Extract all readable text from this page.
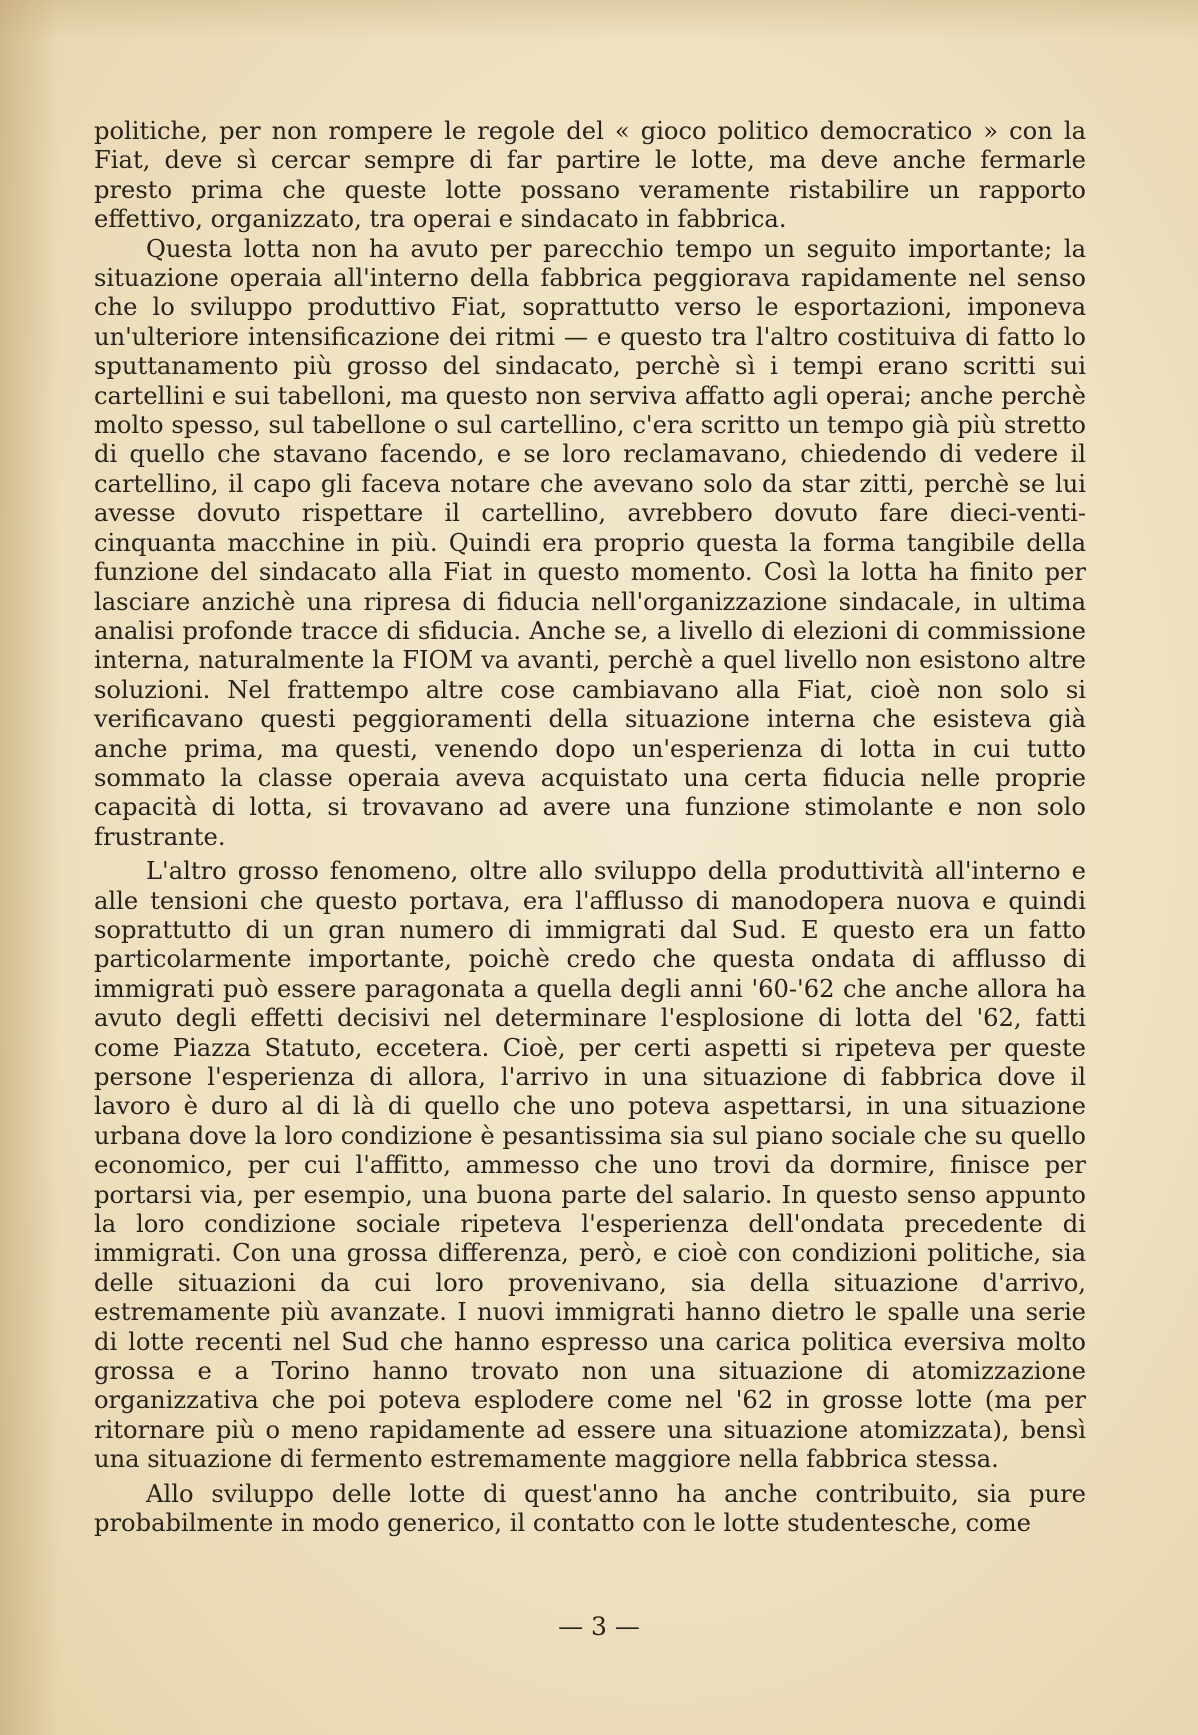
politiche, per non rompere le regole del « gioco politico democratico » con la Fiat, deve sì cercar sempre di far partire le lotte, ma deve anche fermarle presto prima che queste lotte possano veramente ristabilire un rapporto effettivo, organizzato, tra operai e sindacato in fabbrica.

Questa lotta non ha avuto per parecchio tempo un seguito importante; la situazione operaia all'interno della fabbrica peggiorava rapidamente nel senso che lo sviluppo produttivo Fiat, soprattutto verso le esportazioni, imponeva un'ulteriore intensificazione dei ritmi — e questo tra l'altro costituiva di fatto lo sputtanamento più grosso del sindacato, perchè sì i tempi erano scritti sui cartellini e sui tabelloni, ma questo non serviva affatto agli operai; anche perchè molto spesso, sul tabellone o sul cartellino, c'era scritto un tempo già più stretto di quello che stavano facendo, e se loro reclamavano, chiedendo di vedere il cartellino, il capo gli faceva notare che avevano solo da star zitti, perchè se lui avesse dovuto rispettare il cartellino, avrebbero dovuto fare dieci-venti-cinquanta macchine in più. Quindi era proprio questa la forma tangibile della funzione del sindacato alla Fiat in questo momento. Così la lotta ha finito per lasciare anzichè una ripresa di fiducia nell'organizzazione sindacale, in ultima analisi profonde tracce di sfiducia. Anche se, a livello di elezioni di commissione interna, naturalmente la FIOM va avanti, perchè a quel livello non esistono altre soluzioni. Nel frattempo altre cose cambiavano alla Fiat, cioè non solo si verificavano questi peggioramenti della situazione interna che esisteva già anche prima, ma questi, venendo dopo un'esperienza di lotta in cui tutto sommato la classe operaia aveva acquistato una certa fiducia nelle proprie capacità di lotta, si trovavano ad avere una funzione stimolante e non solo frustrante.

L'altro grosso fenomeno, oltre allo sviluppo della produttività all'interno e alle tensioni che questo portava, era l'afflusso di manodopera nuova e quindi soprattutto di un gran numero di immigrati dal Sud. E questo era un fatto particolarmente importante, poichè credo che questa ondata di afflusso di immigrati può essere paragonata a quella degli anni '60-'62 che anche allora ha avuto degli effetti decisivi nel determinare l'esplosione di lotta del '62, fatti come Piazza Statuto, eccetera. Cioè, per certi aspetti si ripeteva per queste persone l'esperienza di allora, l'arrivo in una situazione di fabbrica dove il lavoro è duro al di là di quello che uno poteva aspettarsi, in una situazione urbana dove la loro condizione è pesantissima sia sul piano sociale che su quello economico, per cui l'affitto, ammesso che uno trovi da dormire, finisce per portarsi via, per esempio, una buona parte del salario. In questo senso appunto la loro condizione sociale ripeteva l'esperienza dell'ondata precedente di immigrati. Con una grossa differenza, però, e cioè con condizioni politiche, sia delle situazioni da cui loro provenivano, sia della situazione d'arrivo, estremamente più avanzate. I nuovi immigrati hanno dietro le spalle una serie di lotte recenti nel Sud che hanno espresso una carica politica eversiva molto grossa e a Torino hanno trovato non una situazione di atomizzazione organizzativa che poi poteva esplodere come nel '62 in grosse lotte (ma per ritornare più o meno rapidamente ad essere una situazione atomizzata), bensì una situazione di fermento estremamente maggiore nella fabbrica stessa.

Allo sviluppo delle lotte di quest'anno ha anche contribuito, sia pure probabilmente in modo generico, il contatto con le lotte studentesche, come

— 3 —
